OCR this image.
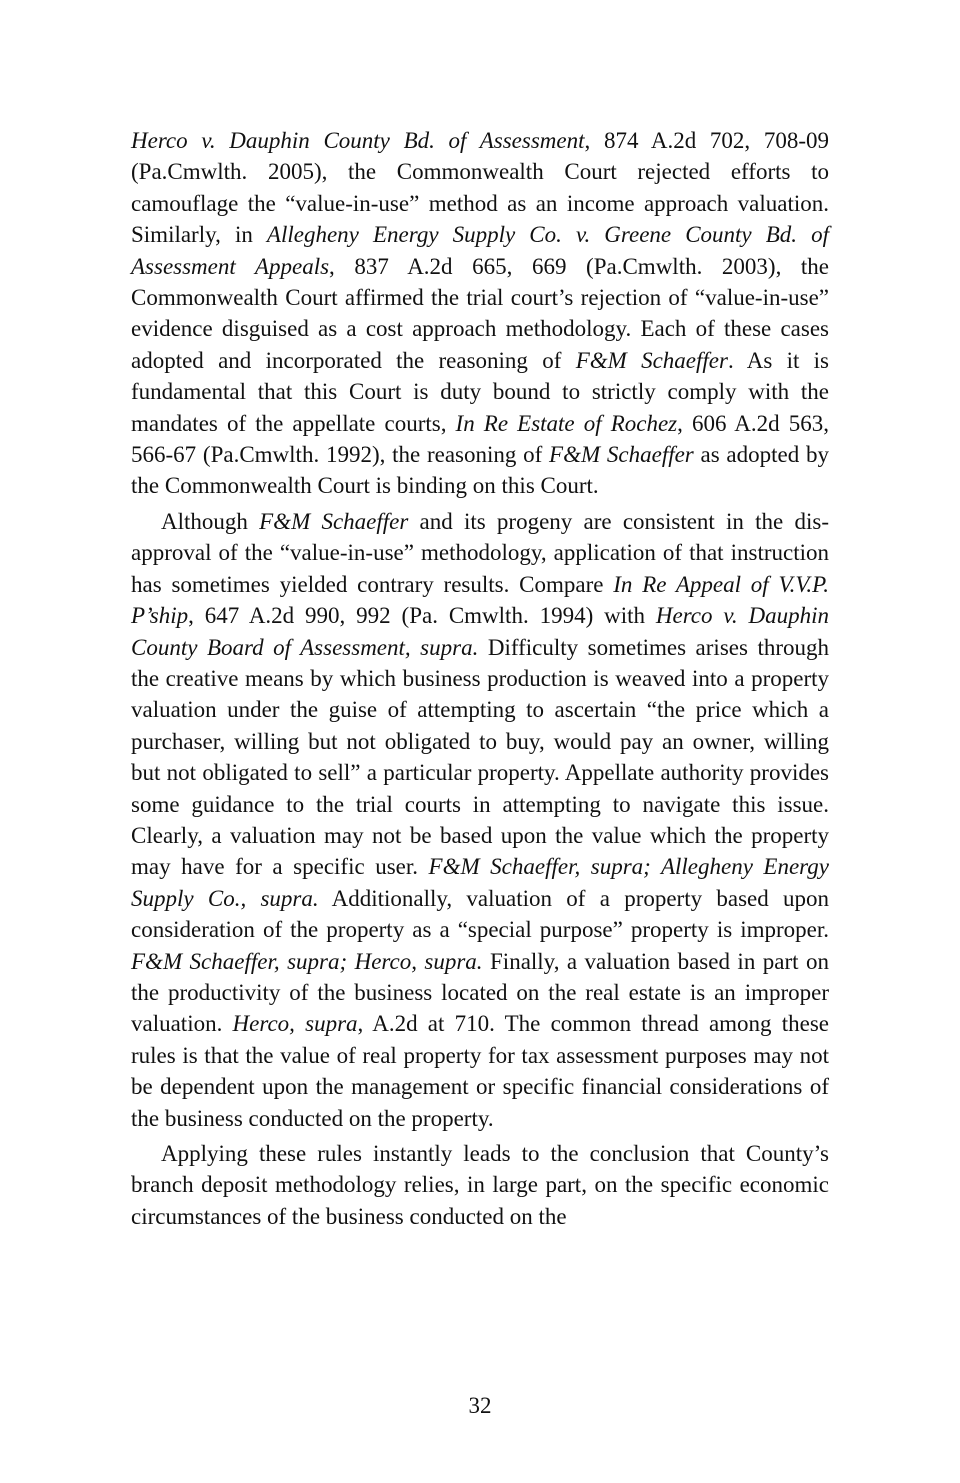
Herco v. Dauphin County Bd. of Assessment, 874 A.2d 702, 708-09 (Pa.Cmwlth. 2005), the Commonwealth Court rejected efforts to camouflage the “value-in-use” method as an income approach valuation. Similarly, in Allegheny Energy Supply Co. v. Greene County Bd. of Assessment Appeals, 837 A.2d 665, 669 (Pa.Cmwlth. 2003), the Commonwealth Court affirmed the trial court’s rejection of “value-in-use” evidence disguised as a cost approach methodology. Each of these cases adopted and incorporated the reasoning of F&M Schaeffer. As it is fundamental that this Court is duty bound to strictly comply with the mandates of the appellate courts, In Re Estate of Rochez, 606 A.2d 563, 566-67 (Pa.Cmwlth. 1992), the reasoning of F&M Schaeffer as adopted by the Commonwealth Court is binding on this Court.

Although F&M Schaeffer and its progeny are consistent in the disapproval of the “value-in-use” methodology, application of that instruction has sometimes yielded contrary results. Compare In Re Appeal of V.V.P. P’ship, 647 A.2d 990, 992 (Pa. Cmwlth. 1994) with Herco v. Dauphin County Board of Assessment, supra. Difficulty sometimes arises through the creative means by which business production is weaved into a property valuation under the guise of attempting to ascertain “the price which a purchaser, willing but not obligated to buy, would pay an owner, willing but not obligated to sell” a particular property. Appellate authority provides some guidance to the trial courts in attempting to navigate this issue. Clearly, a valuation may not be based upon the value which the property may have for a specific user. F&M Schaeffer, supra; Allegheny Energy Supply Co., supra. Additionally, valuation of a property based upon consideration of the property as a “special purpose” property is improper. F&M Schaeffer, supra; Herco, supra. Finally, a valuation based in part on the productivity of the business located on the real estate is an improper valuation. Herco, supra, A.2d at 710. The common thread among these rules is that the value of real property for tax assessment purposes may not be dependent upon the management or specific financial considerations of the business conducted on the property.

Applying these rules instantly leads to the conclusion that County’s branch deposit methodology relies, in large part, on the specific economic circumstances of the business conducted on the

32
